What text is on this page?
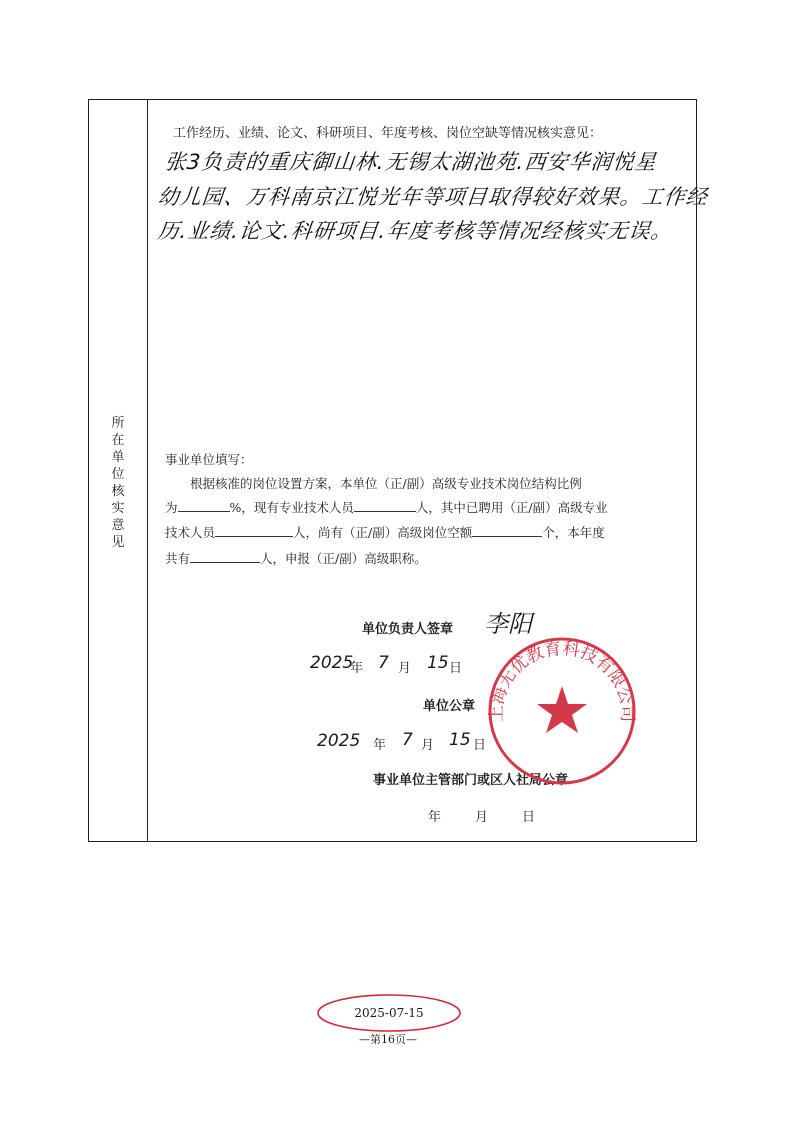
所
在
单
位
核
实
意
见
工作经历、业绩、论文、科研项目、年度考核、岗位空缺等情况核实意见：
张3负责的重庆御山林.无锡太湖池苑.西安华润悦星
幼儿园、万科南京江悦光年等项目取得较好效果。工作经
历.业绩.论文.科研项目.年度考核等情况经核实无误。
事业单位填写：
根据核准的岗位设置方案，本单位（正/副）高级专业技术岗位结构比例
为	%，现有专业技术人员	人，其中已聘用（正/副）高级专业
技术人员	人，尚有（正/副）高级岗位空额	个，本年度
共有	人，申报（正/副）高级职称。
单位负责人签章 李阳
2025
年 7 月 15 日
单位公章
2025 年 7 月 15 日
事业单位主管部门或区人社局公章
年	月	日
上海无优教育科技有限公司
2025-07-15
—第16页—
